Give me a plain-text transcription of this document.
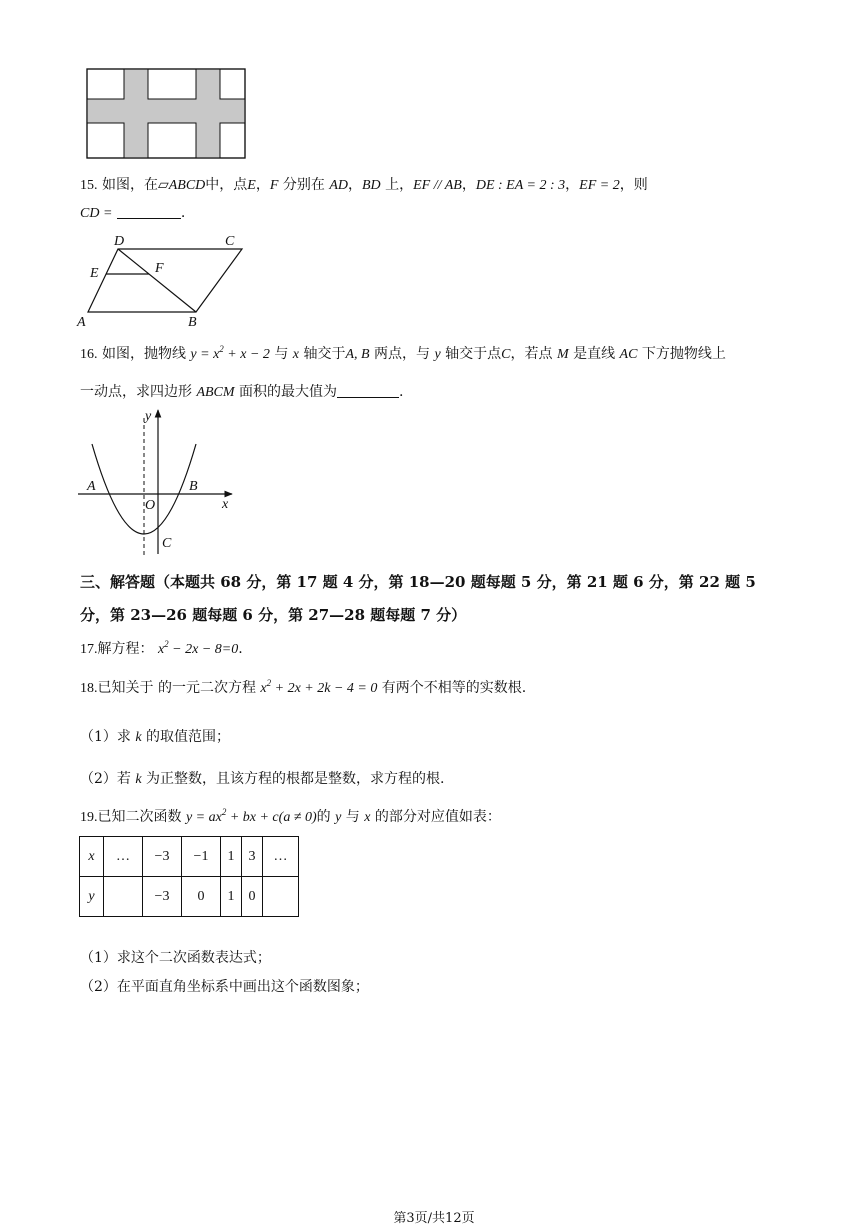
15. 如图，在▱ABCD中，点E，F 分别在 AD，BD 上，EF // AB，DE : EA = 2 : 3，EF = 2，则
CD =	.
D	C
E	F
A	B
16. 如图，抛物线 $y = x^2 + x - 2$ 与 x 轴交于A, B 两点，与 y 轴交于点C，若点 M 是直线 AC 下方抛物线上
一动点，求四边形 ABCM 面积的最大值为	.
y
x
A	B
O
C
三、解答题（本题共 68 分，第 17 题 4 分，第 18—20 题每题 5 分，第 21 题 6 分，第 22 题 5
分，第 23—26 题每题 6 分，第 27—28 题每题 7 分）
17.解方程： $x^2 - 2x - 8=0$.
18.已知关于 的一元二次方程 $x^2 + 2x + 2k - 4 = 0$ 有两个不相等的实数根.
（1）求 k 的取值范围；
（2）若 k 为正整数，且该方程的根都是整数，求方程的根.
19.已知二次函数 $y = ax^2$ + bx + c(a ≠ 0)的 y 与 x 的部分对应值如表：
x	…	−3	−1	1	3	…
y		−3	0	1	0	
（1）求这个二次函数表达式；
（2）在平面直角坐标系中画出这个函数图象；
第3页/共12页
